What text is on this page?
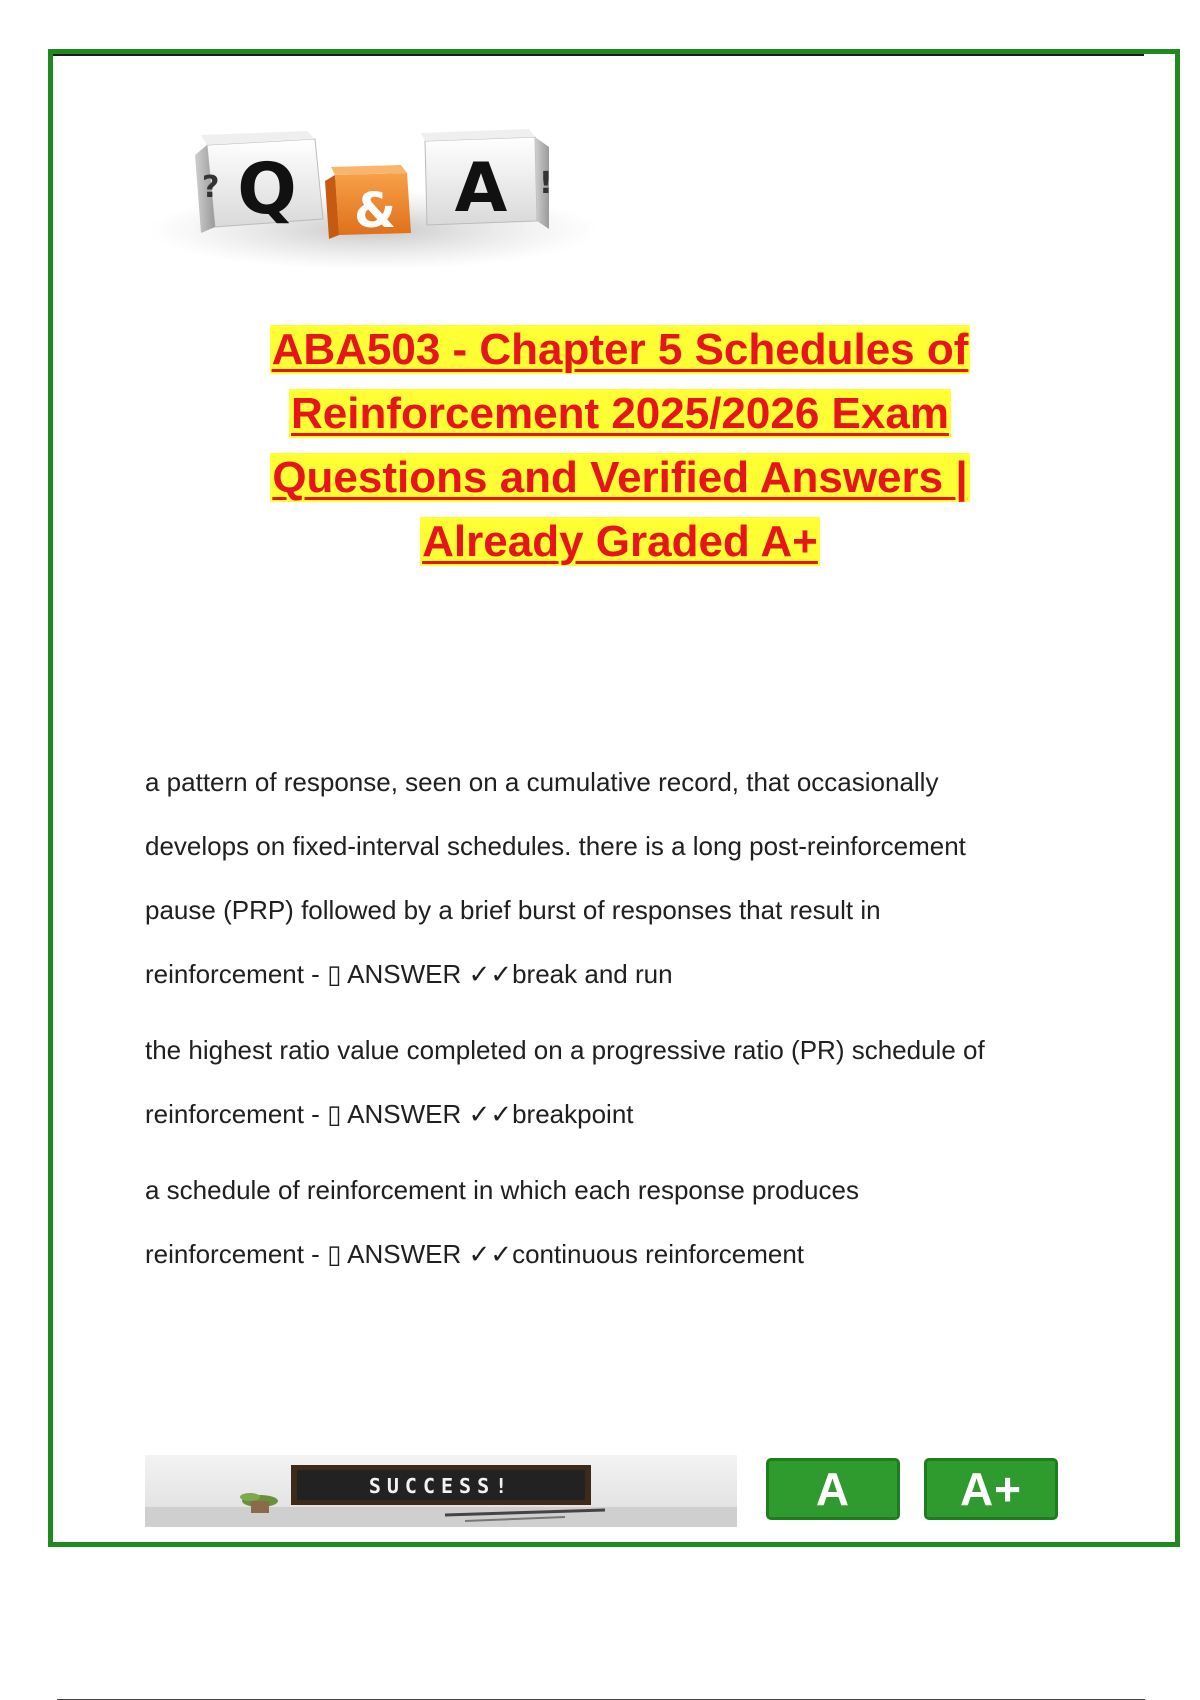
Q
?	& A !
ABA503 - Chapter 5 Schedules of
Reinforcement 2025/2026 Exam
Questions and Verified Answers |
Already Graded A+
a pattern of response, seen on a cumulative record, that occasionally
develops on fixed-interval schedules. there is a long post-reinforcement
pause (PRP) followed by a brief burst of responses that result in
reinforcement - ▯ ANSWER ✓✓break and run
the highest ratio value completed on a progressive ratio (PR) schedule of
reinforcement - ▯ ANSWER ✓✓breakpoint
a schedule of reinforcement in which each response produces
reinforcement - ▯ ANSWER ✓✓continuous reinforcement
SUCCESS!	A	A+
